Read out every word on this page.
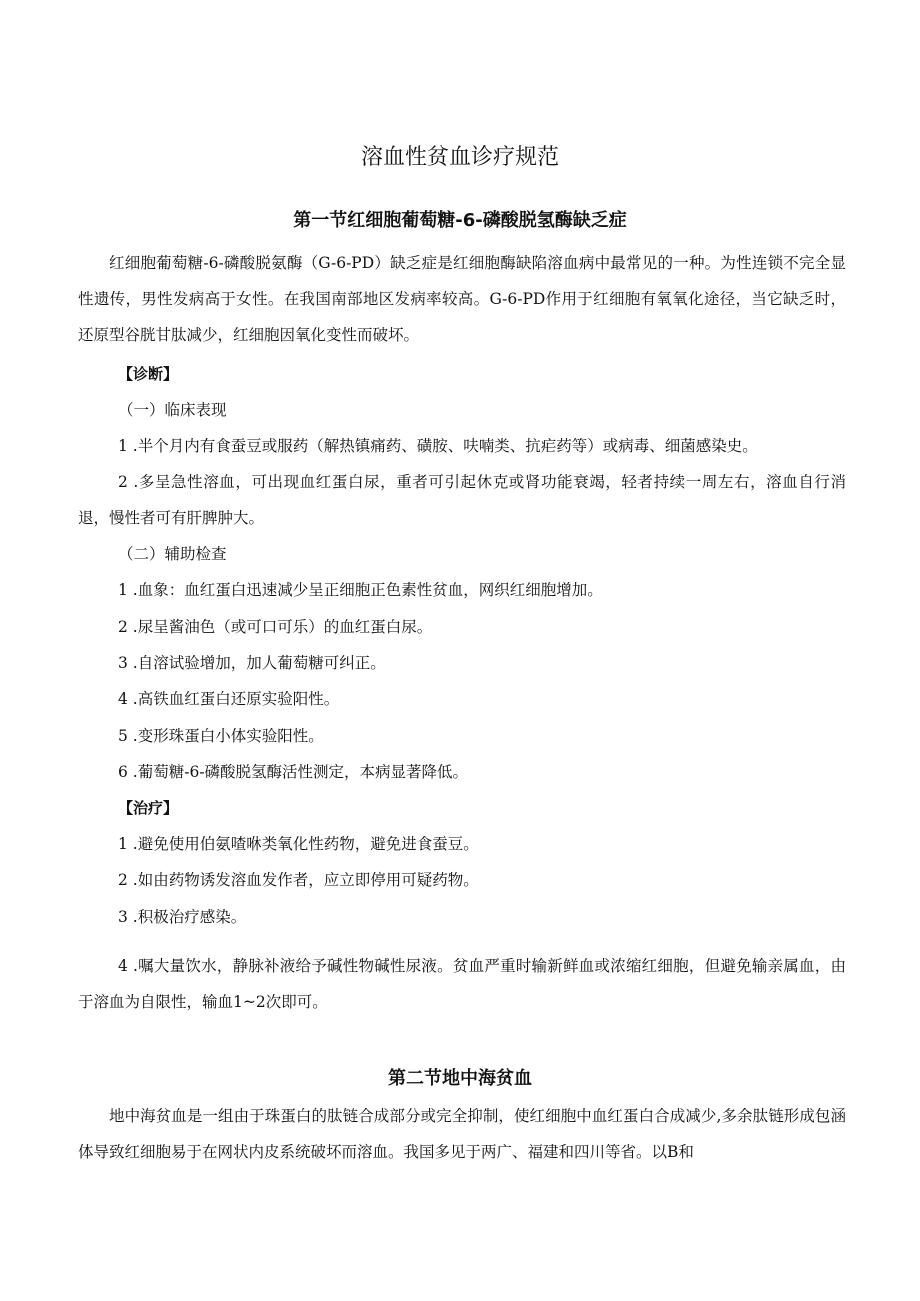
溶血性贫血诊疗规范
第一节红细胞葡萄糖-6-磷酸脱氢酶缺乏症
红细胞葡萄糖-6-磷酸脱氨酶（G-6-PD）缺乏症是红细胞酶缺陷溶血病中最常见的一种。为性连锁不完全显性遗传，男性发病高于女性。在我国南部地区发病率较高。G-6-PD作用于红细胞有氧氧化途径，当它缺乏时，还原型谷胱甘肽减少，红细胞因氧化变性而破坏。
【诊断】
（一）临床表现
1 .半个月内有食蚕豆或服药（解热镇痛药、磺胺、呋喃类、抗疟药等）或病毒、细菌感染史。
2 .多呈急性溶血，可出现血红蛋白尿，重者可引起休克或肾功能衰竭，轻者持续一周左右，溶血自行消退，慢性者可有肝脾肿大。
（二）辅助检查
1 .血象：血红蛋白迅速减少呈正细胞正色素性贫血，网织红细胞增加。
2 .尿呈酱油色（或可口可乐）的血红蛋白尿。
3 .自溶试验增加，加人葡萄糖可纠正。
4 .高铁血红蛋白还原实验阳性。
5 .变形珠蛋白小体实验阳性。
6 .葡萄糖-6-磷酸脱氢酶活性测定，本病显著降低。
【治疗】
1 .避免使用伯氨喳咻类氧化性药物，避免进食蚕豆。
2 .如由药物诱发溶血发作者，应立即停用可疑药物。
3 .积极治疗感染。
4 .嘱大量饮水，静脉补液给予碱性物碱性尿液。贫血严重时输新鲜血或浓缩红细胞，但避免输亲属血，由于溶血为自限性，输血1~2次即可。
第二节地中海贫血
地中海贫血是一组由于珠蛋白的肽链合成部分或完全抑制，使红细胞中血红蛋白合成减少,多余肽链形成包涵体导致红细胞易于在网状内皮系统破坏而溶血。我国多见于两广、福建和四川等省。以B和
